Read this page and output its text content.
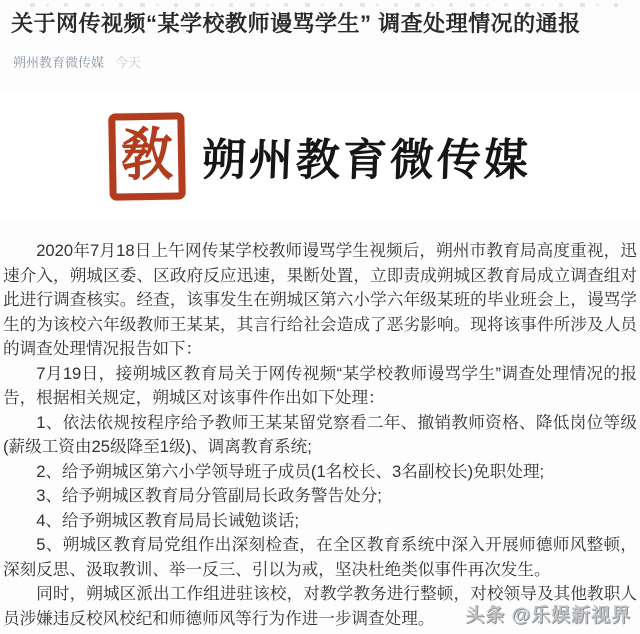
关于网传视频“某学校教师谩骂学生” 调查处理情况的通报
朔州教育微传媒 今天
敎 朔州教育微传媒

2020年7月18日上午网传某学校教师谩骂学生视频后，朔州市教育局高度重视，迅速介入，朔城区委、区政府反应迅速，果断处置，立即责成朔城区教育局成立调查组对此进行调查核实。经查，该事发生在朔城区第六小学六年级某班的毕业班会上，谩骂学生的为该校六年级教师王某某，其言行给社会造成了恶劣影响。现将该事件所涉及人员的调查处理情况报告如下：

7月19日，接朔城区教育局关于网传视频“某学校教师谩骂学生”调查处理情况的报告，根据相关规定，朔城区对该事件作出如下处理：

1、依法依规按程序给予教师王某某留党察看二年、撤销教师资格、降低岗位等级(薪级工资由25级降至1级)、调离教育系统;

2、给予朔城区第六小学领导班子成员(1名校长、3名副校长)免职处理;

3、给予朔城区教育局分管副局长政务警告处分;

4、给予朔城区教育局局长诫勉谈话;

5、朔城区教育局党组作出深刻检查，在全区教育系统中深入开展师德师风整顿，深刻反思、汲取教训、举一反三、引以为戒，坚决杜绝类似事件再次发生。

同时，朔城区派出工作组进驻该校，对教学教务进行整顿，对校领导及其他教职人员涉嫌违反校风校纪和师德师风等行为作进一步调查处理。	头条 @乐娱新视界
